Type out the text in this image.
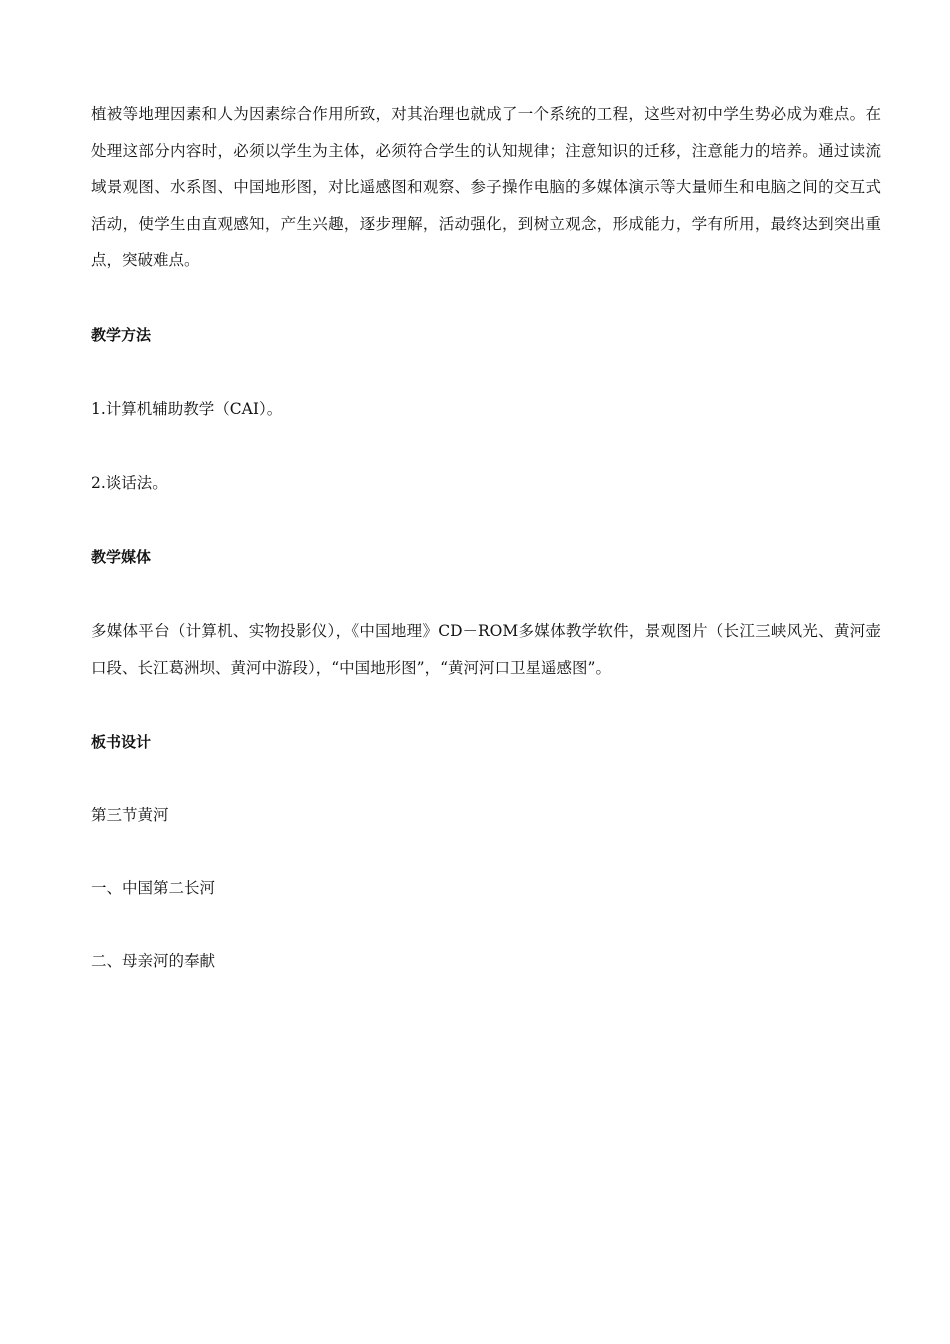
植被等地理因素和人为因素综合作用所致，对其治理也就成了一个系统的工程，这些对初中学生势必成为难点。在处理这部分内容时，必须以学生为主体，必须符合学生的认知规律；注意知识的迁移，注意能力的培养。通过读流域景观图、水系图、中国地形图，对比遥感图和观察、参子操作电脑的多媒体演示等大量师生和电脑之间的交互式活动，使学生由直观感知，产生兴趣，逐步理解，活动强化，到树立观念，形成能力，学有所用，最终达到突出重点，突破难点。

教学方法

1.计算机辅助教学（CAI）。

2.谈话法。

教学媒体

多媒体平台（计算机、实物投影仪），《中国地理》CD－ROM多媒体教学软件，景观图片（长江三峡风光、黄河壶口段、长江葛洲坝、黄河中游段），“中国地形图”，“黄河河口卫星遥感图”。

板书设计

第三节黄河

一、中国第二长河

二、母亲河的奉献
